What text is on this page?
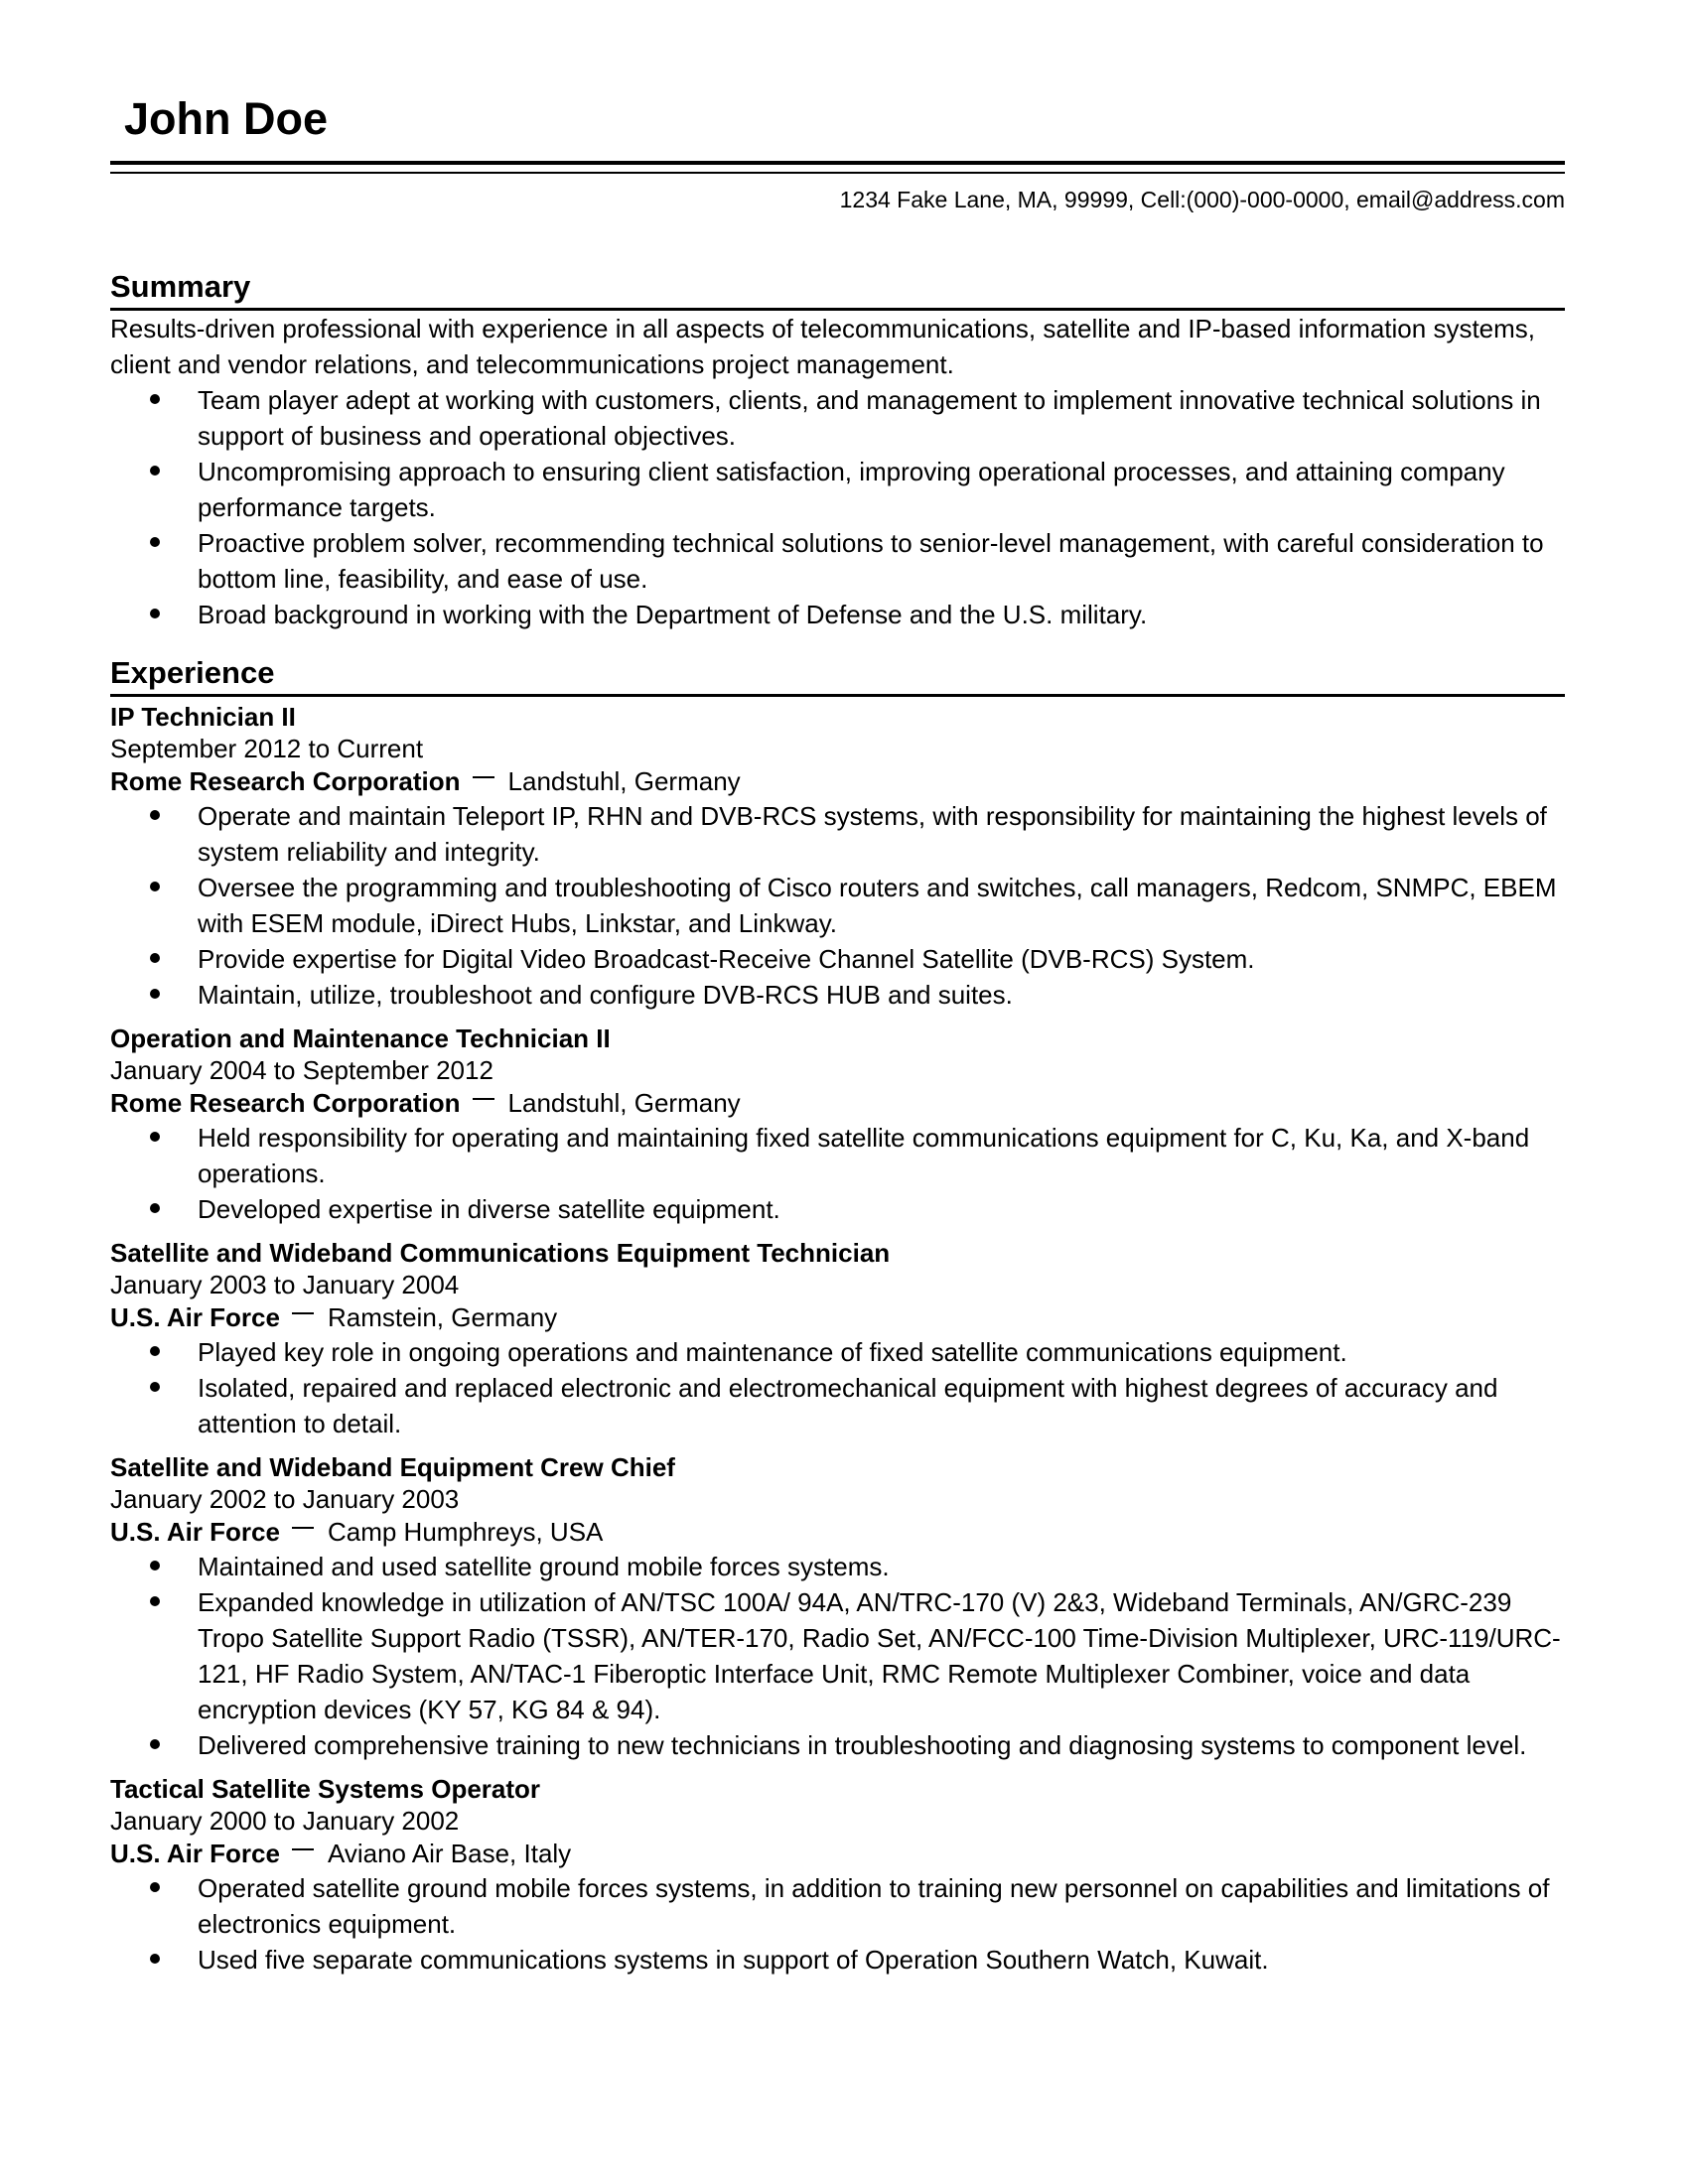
John Doe
1234 Fake Lane, MA, 99999, Cell:(000)-000-0000, email@address.com
Summary

Results-driven professional with experience in all aspects of telecommunications, satellite and IP-based information systems, client and vendor relations, and telecommunications project management.

Team player adept at working with customers, clients, and management to implement innovative technical solutions in support of business and operational objectives.
Uncompromising approach to ensuring client satisfaction, improving operational processes, and attaining company performance targets.
Proactive problem solver, recommending technical solutions to senior-level management, with careful consideration to bottom line, feasibility, and ease of use.
Broad background in working with the Department of Defense and the U.S. military.
Experience

IP Technician II

September 2012 to Current

Rome Research Corporation Landstuhl, Germany

Operate and maintain Teleport IP, RHN and DVB-RCS systems, with responsibility for maintaining the highest levels of system reliability and integrity.
Oversee the programming and troubleshooting of Cisco routers and switches, call managers, Redcom, SNMPC, EBEM with ESEM module, iDirect Hubs, Linkstar, and Linkway.
Provide expertise for Digital Video Broadcast-Receive Channel Satellite (DVB-RCS) System.
Maintain, utilize, troubleshoot and configure DVB-RCS HUB and suites.

Operation and Maintenance Technician II

January 2004 to September 2012

Rome Research Corporation Landstuhl, Germany

Held responsibility for operating and maintaining fixed satellite communications equipment for C, Ku, Ka, and X-band operations.
Developed expertise in diverse satellite equipment.

Satellite and Wideband Communications Equipment Technician

January 2003 to January 2004

U.S. Air Force Ramstein, Germany

Played key role in ongoing operations and maintenance of fixed satellite communications equipment.
Isolated, repaired and replaced electronic and electromechanical equipment with highest degrees of accuracy and attention to detail.

Satellite and Wideband Equipment Crew Chief

January 2002 to January 2003

U.S. Air Force Camp Humphreys, USA

Maintained and used satellite ground mobile forces systems.
Expanded knowledge in utilization of AN/TSC 100A/ 94A, AN/TRC-170 (V) 2&3, Wideband Terminals, AN/GRC-239 Tropo Satellite Support Radio (TSSR), AN/TER-170, Radio Set, AN/FCC-100 Time-Division Multiplexer, URC-119/URC-121, HF Radio System, AN/TAC-1 Fiberoptic Interface Unit, RMC Remote Multiplexer Combiner, voice and data encryption devices (KY 57, KG 84 & 94).
Delivered comprehensive training to new technicians in troubleshooting and diagnosing systems to component level.

Tactical Satellite Systems Operator

January 2000 to January 2002

U.S. Air Force Aviano Air Base, Italy

Operated satellite ground mobile forces systems, in addition to training new personnel on capabilities and limitations of electronics equipment.
Used five separate communications systems in support of Operation Southern Watch, Kuwait.
